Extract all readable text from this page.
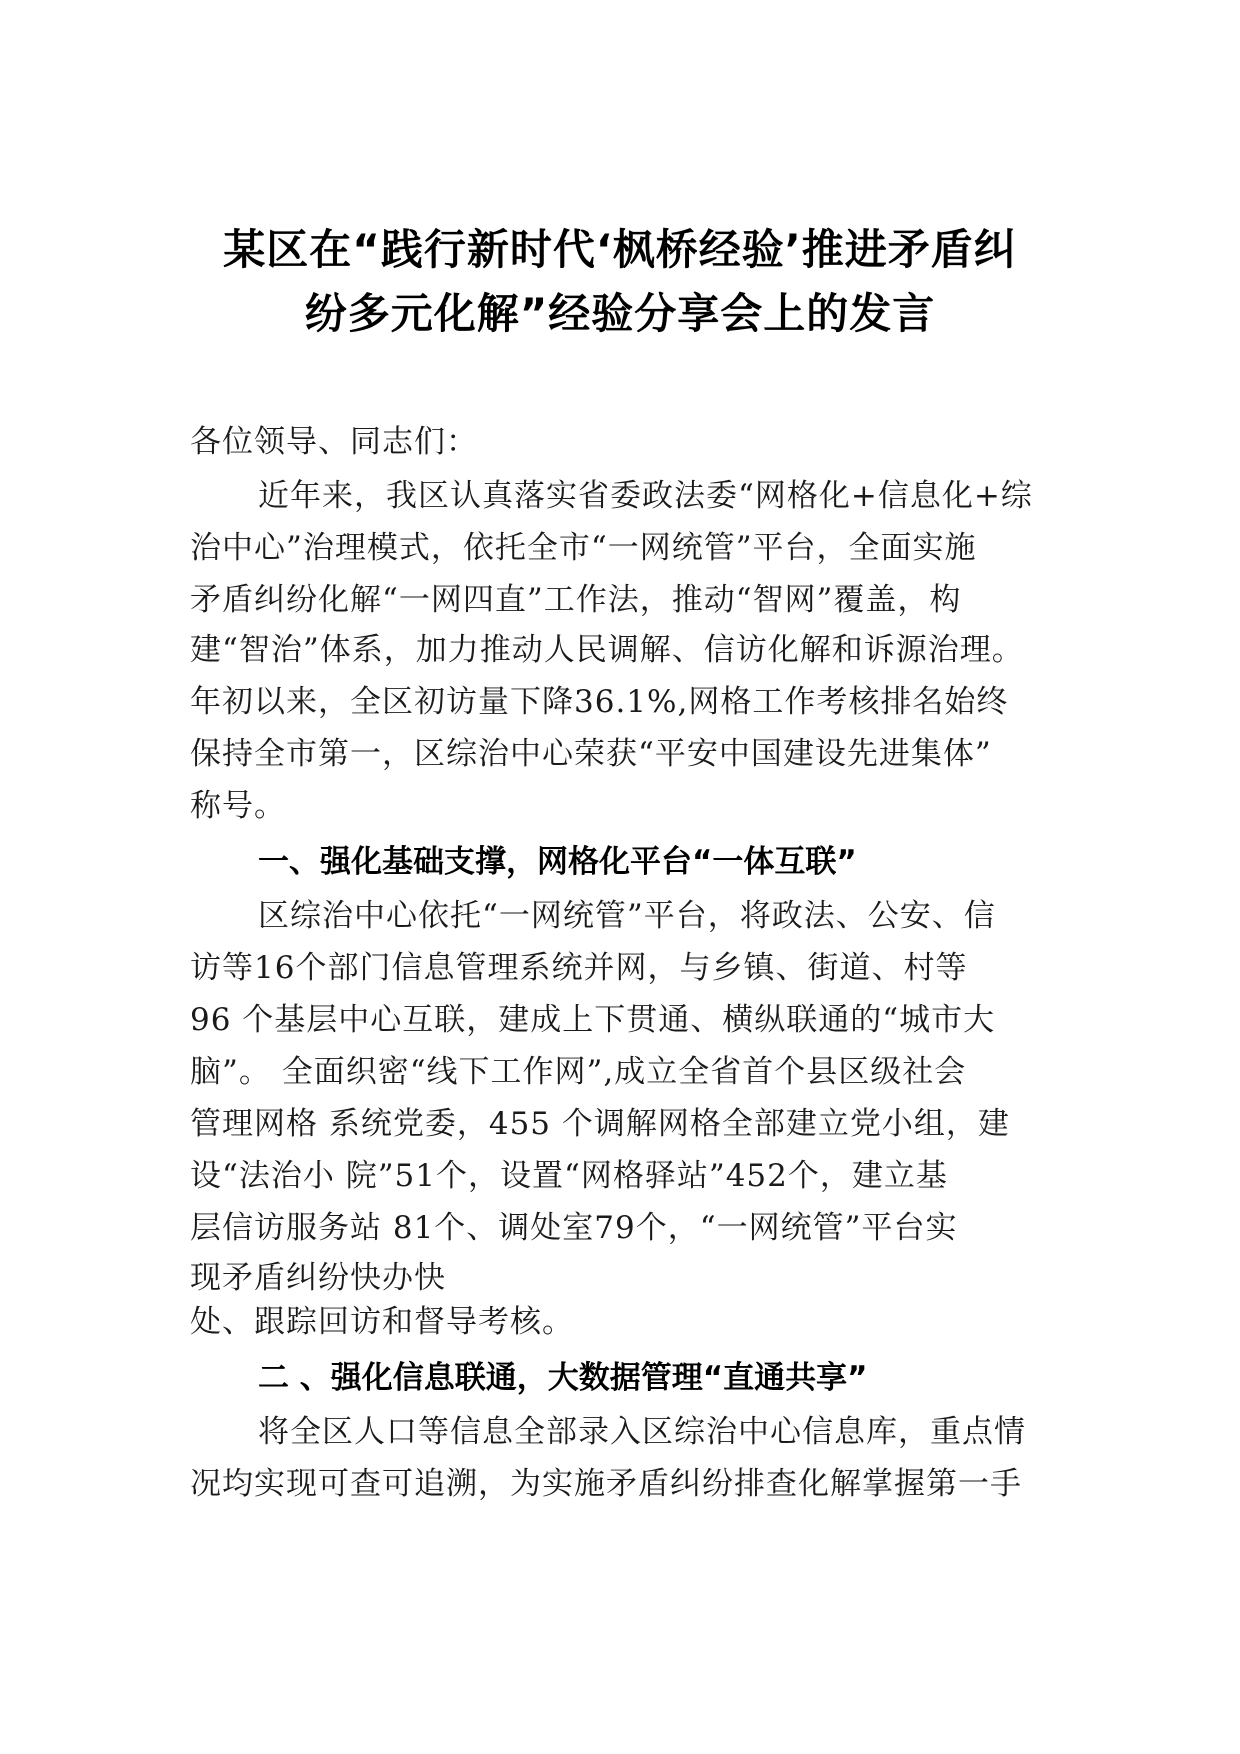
某区在“践行新时代‘枫桥经验’推进矛盾纠
纷多元化解”经验分享会上的发言
各位领导、同志们：
近年来，我区认真落实省委政法委“网格化+信息化+综
治中心”治理模式，依托全市“一网统管”平台，全面实施
矛盾纠纷化解“一网四直”工作法，推动“智网”覆盖，构
建“智治”体系，加力推动人民调解、信访化解和诉源治理。
年初以来，全区初访量下降36.1%,网格工作考核排名始终
保持全市第一，区综治中心荣获“平安中国建设先进集体”
称号。
一、强化基础支撑，网格化平台“一体互联”
区综治中心依托“一网统管”平台，将政法、公安、信
访等16个部门信息管理系统并网，与乡镇、街道、村等
96 个基层中心互联，建成上下贯通、横纵联通的“城市大
脑”。 全面织密“线下工作网”,成立全省首个县区级社会
管理网格 系统党委，455 个调解网格全部建立党小组，建
设“法治小 院”51个，设置“网格驿站”452个，建立基
层信访服务站 81个、调处室79个，“一网统管”平台实
现矛盾纠纷快办快
处、跟踪回访和督导考核。
二 、强化信息联通，大数据管理“直通共享”
将全区人口等信息全部录入区综治中心信息库，重点情
况均实现可查可追溯，为实施矛盾纠纷排查化解掌握第一手
